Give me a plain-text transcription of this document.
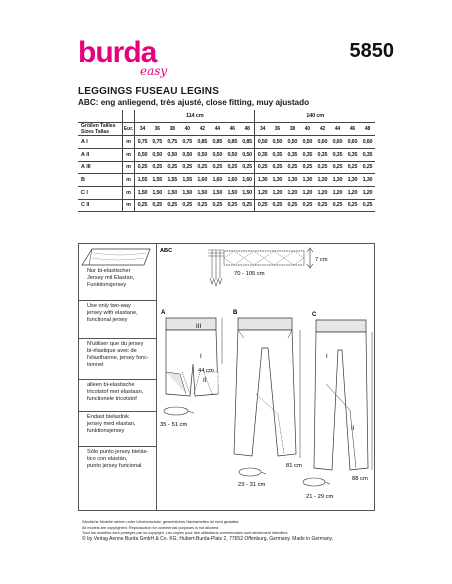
burda
easy
5850
LEGGINGS FUSEAU LEGINS
ABC: eng anliegend, très ajusté, close fitting, muy ajustado
		114 cm								140 cm							

Größen Tailles
Sizes Tallas	Eur.	34	36	38	40	42	44	46	48	34	36	38	40	42	44	46	48
A I	m	0,75	0,75	0,75	0,75	0,85	0,85	0,85	0,85	0,50	0,50	0,50	0,50	0,60	0,60	0,60	0,60
A II	m	0,50	0,50	0,50	0,50	0,50	0,50	0,50	0,50	0,35	0,35	0,35	0,35	0,35	0,35	0,35	0,35
A III	m	0,25	0,25	0,25	0,25	0,25	0,25	0,25	0,25	0,25	0,25	0,25	0,25	0,25	0,25	0,25	0,25
B	m	1,55	1,55	1,55	1,55	1,60	1,60	1,60	1,60	1,30	1,30	1,30	1,30	1,30	1,30	1,30	1,30
C I	m	1,50	1,50	1,50	1,50	1,50	1,50	1,50	1,50	1,20	1,20	1,20	1,20	1,20	1,20	1,20	1,20
C II	m	0,25	0,25	0,25	0,25	0,25	0,25	0,25	0,25	0,25	0,25	0,25	0,25	0,25	0,25	0,25	0,25
Nur bi-elastischer
Jersey mit Elastan,
Funktionsjersey
Use only two-way
jersey with elastane,
functional jersey
N'utiliser que du jersey
bi-élastique avec de
l'élasthanne, jersey fonc-
tionnel
alleen bi-elastische
tricotstof met elastaan,
functionele tricotstof
Endast bielastisk
jersey med elastan,
funktionsjersey
Sólo punto jersey bielás-
tico con elastán,
punto jersey funcional
ABC
7 cm
70 - 105 cm
A
III
I
II
44 cm
35 - 51 cm
B
81 cm
23 - 31 cm
C
I
II
88 cm
21 - 29 cm
Sämtliche Modelle stehen unter Urheberschutz, gewerbliches Nacharbeiten ist nicht gestattet.
All models are copyrighted. Reproduction for commercial purposes is not allowed.
Tous les modèles sont protégés par un copyright. Les copies pour des utilisations commerciales sont strictement interdites.
© by Verlag Aenne Burda GmbH & Co. KG, Hubert-Burda-Platz 2, 77652 Offenburg, Germany. Made in Germany.
